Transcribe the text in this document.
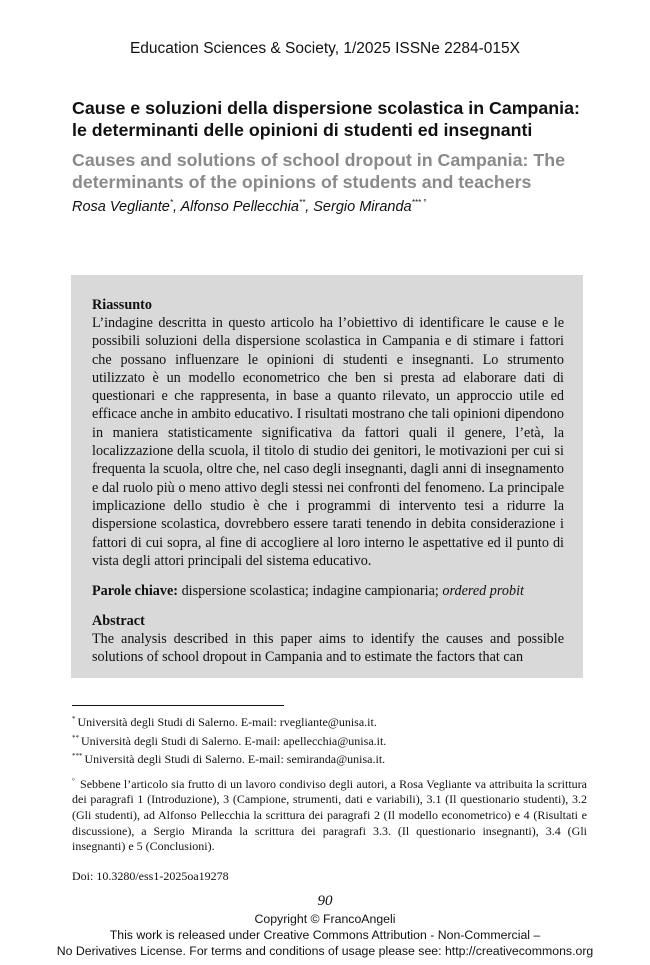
Education Sciences & Society, 1/2025 ISSNe 2284-015X
Cause e soluzioni della dispersione scolastica in Campania: le determinanti delle opinioni di studenti ed insegnanti
Causes and solutions of school dropout in Campania: The determinants of the opinions of students and teachers
Rosa Vegliante*, Alfonso Pellecchia**, Sergio Miranda*** °
Riassunto

L’indagine descritta in questo articolo ha l’obiettivo di identificare le cause e le possibili soluzioni della dispersione scolastica in Campania e di stimare i fattori che possano influenzare le opinioni di studenti e insegnanti. Lo strumento utilizzato è un modello econometrico che ben si presta ad elaborare dati di questionari e che rappresenta, in base a quanto rilevato, un approccio utile ed efficace anche in ambito educativo. I risultati mostrano che tali opinioni dipendono in maniera statisticamente significativa da fattori quali il genere, l’età, la localizzazione della scuola, il titolo di studio dei genitori, le motivazioni per cui si frequenta la scuola, oltre che, nel caso degli insegnanti, dagli anni di insegnamento e dal ruolo più o meno attivo degli stessi nei confronti del fenomeno. La principale implicazione dello studio è che i programmi di intervento tesi a ridurre la dispersione scolastica, dovrebbero essere tarati tenendo in debita considerazione i fattori di cui sopra, al fine di accogliere al loro interno le aspettative ed il punto di vista degli attori principali del sistema educativo.

Parole chiave: dispersione scolastica; indagine campionaria; ordered probit
Abstract

The analysis described in this paper aims to identify the causes and possible solutions of school dropout in Campania and to estimate the factors that can

* Università degli Studi di Salerno. E-mail: rvegliante@unisa.it.
** Università degli Studi di Salerno. E-mail: apellecchia@unisa.it.
*** Università degli Studi di Salerno. E-mail: semiranda@unisa.it.
° Sebbene l’articolo sia frutto di un lavoro condiviso degli autori, a Rosa Vegliante va attribuita la scrittura dei paragrafi 1 (Introduzione), 3 (Campione, strumenti, dati e variabili), 3.1 (Il questionario studenti), 3.2 (Gli studenti), ad Alfonso Pellecchia la scrittura dei paragrafi 2 (Il modello econometrico) e 4 (Risultati e discussione), a Sergio Miranda la scrittura dei paragrafi 3.3. (Il questionario insegnanti), 3.4 (Gli insegnanti) e 5 (Conclusioni).
Doi: 10.3280/ess1-2025oa19278
90
Copyright © FrancoAngeli
This work is released under Creative Commons Attribution - Non-Commercial –
No Derivatives License. For terms and conditions of usage please see: http://creativecommons.org
